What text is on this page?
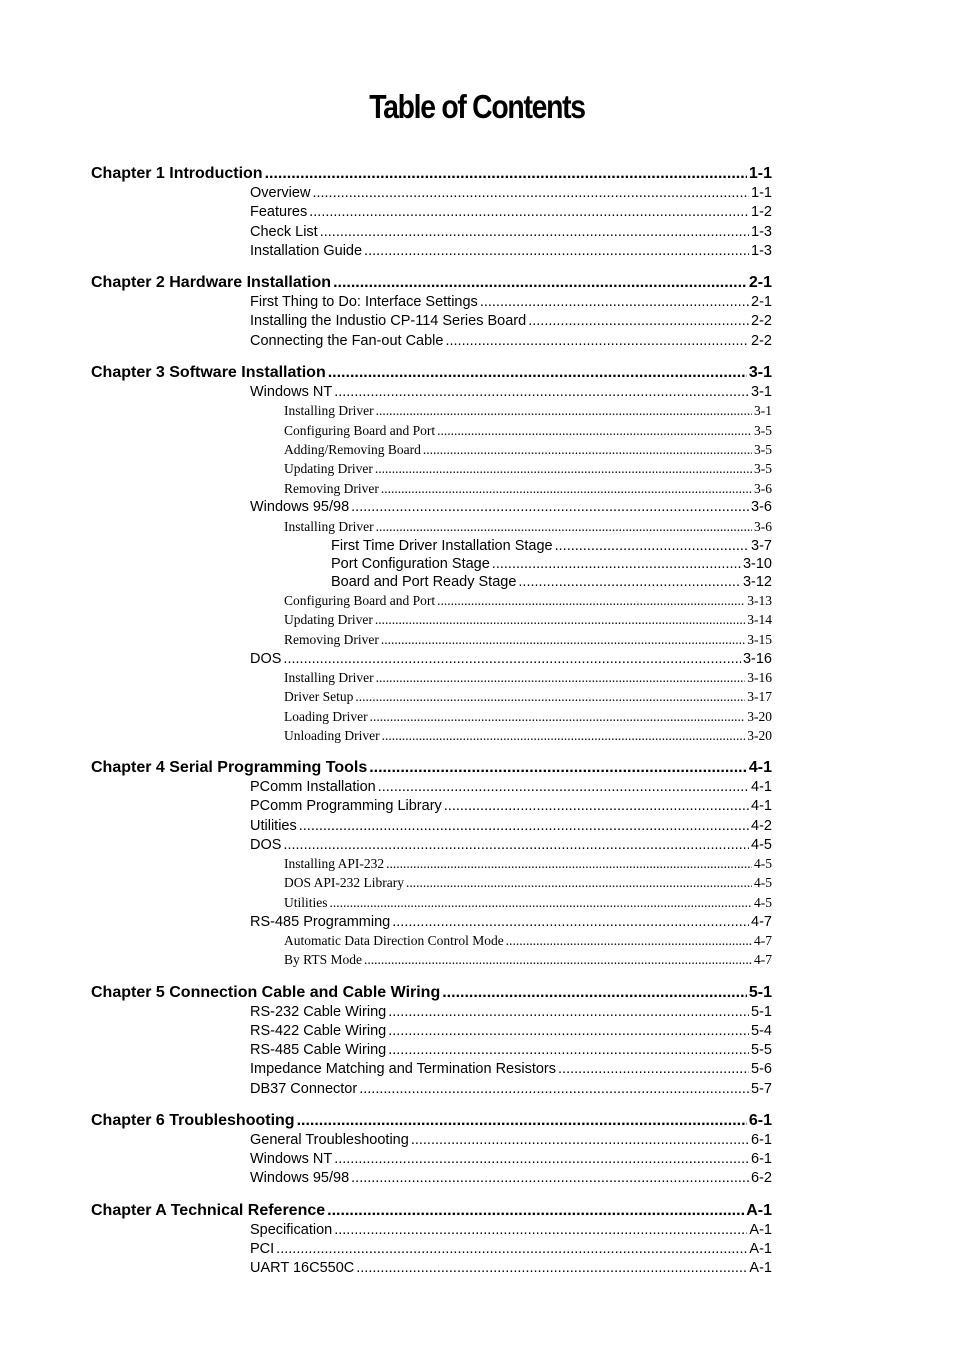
Table of Contents
Chapter 1 Introduction .....	1-1
Overview .....	1-1
Features .....	1-2
Check List .....	1-3
Installation Guide .....	1-3
Chapter 2 Hardware Installation .....	2-1
First Thing to Do: Interface Settings .....	2-1
Installing the Industio CP-114 Series Board .....	2-2
Connecting the Fan-out Cable .....	2-2
Chapter 3 Software Installation .....	3-1
Windows NT .....	3-1
Installing Driver .....	3-1
Configuring Board and Port .....	3-5
Adding/Removing Board .....	3-5
Updating Driver .....	3-5
Removing Driver .....	3-6
Windows 95/98 .....	3-6
Installing Driver .....	3-6
First Time Driver Installation Stage .....	3-7
Port Configuration Stage .....	3-10
Board and Port Ready Stage .....	3-12
Configuring Board and Port .....	3-13
Updating Driver .....	3-14
Removing Driver .....	3-15
DOS .....	3-16
Installing Driver .....	3-16
Driver Setup .....	3-17
Loading Driver .....	3-20
Unloading Driver .....	3-20
Chapter 4 Serial Programming Tools .....	4-1
PComm Installation .....	4-1
PComm Programming Library .....	4-1
Utilities .....	4-2
DOS .....	4-5
Installing API-232 .....	4-5
DOS API-232 Library .....	4-5
Utilities .....	4-5
RS-485 Programming .....	4-7
Automatic Data Direction Control Mode .....	4-7
By RTS Mode .....	4-7
Chapter 5 Connection Cable and Cable Wiring .....	5-1
RS-232 Cable Wiring .....	5-1
RS-422 Cable Wiring .....	5-4
RS-485 Cable Wiring .....	5-5
Impedance Matching and Termination Resistors .....	5-6
DB37 Connector .....	5-7
Chapter 6 Troubleshooting .....	6-1
General Troubleshooting .....	6-1
Windows NT .....	6-1
Windows 95/98 .....	6-2
Chapter A Technical Reference .....	A-1
Specification .....	A-1
PCI .....	A-1
UART 16C550C .....	A-1
